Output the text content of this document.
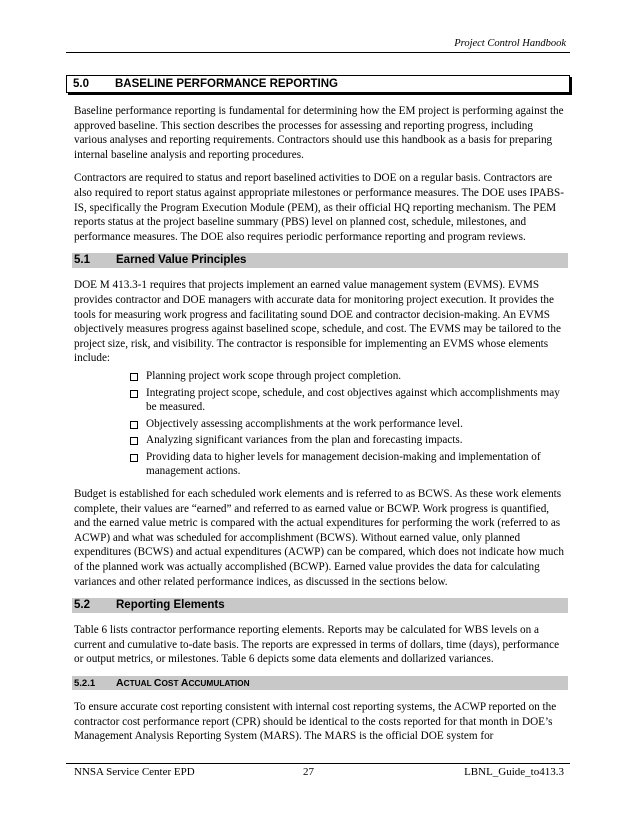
Project Control Handbook
5.0 BASELINE PERFORMANCE REPORTING

Baseline performance reporting is fundamental for determining how the EM project is performing against the approved baseline. This section describes the processes for assessing and reporting progress, including various analyses and reporting requirements. Contractors should use this handbook as a basis for preparing internal baseline analysis and reporting procedures.

Contractors are required to status and report baselined activities to DOE on a regular basis. Contractors are also required to report status against appropriate milestones or performance measures. The DOE uses IPABS-IS, specifically the Program Execution Module (PEM), as their official HQ reporting mechanism. The PEM reports status at the project baseline summary (PBS) level on planned cost, schedule, milestones, and performance measures. The DOE also requires periodic performance reporting and program reviews.

5.1 Earned Value Principles

DOE M 413.3-1 requires that projects implement an earned value management system (EVMS). EVMS provides contractor and DOE managers with accurate data for monitoring project execution. It provides the tools for measuring work progress and facilitating sound DOE and contractor decision-making. An EVMS objectively measures progress against baselined scope, schedule, and cost. The EVMS may be tailored to the project size, risk, and visibility. The contractor is responsible for implementing an EVMS whose elements include:

Planning project work scope through project completion.
Integrating project scope, schedule, and cost objectives against which accomplishments may be measured.
Objectively assessing accomplishments at the work performance level.
Analyzing significant variances from the plan and forecasting impacts.
Providing data to higher levels for management decision-making and implementation of management actions.

Budget is established for each scheduled work elements and is referred to as BCWS. As these work elements complete, their values are “earned” and referred to as earned value or BCWP. Work progress is quantified, and the earned value metric is compared with the actual expenditures for performing the work (referred to as ACWP) and what was scheduled for accomplishment (BCWS). Without earned value, only planned expenditures (BCWS) and actual expenditures (ACWP) can be compared, which does not indicate how much of the planned work was actually accomplished (BCWP). Earned value provides the data for calculating variances and other related performance indices, as discussed in the sections below.

5.2 Reporting Elements

Table 6 lists contractor performance reporting elements. Reports may be calculated for WBS levels on a current and cumulative to-date basis. The reports are expressed in terms of dollars, time (days), performance or output metrics, or milestones. Table 6 depicts some data elements and dollarized variances.

5.2.1 ACTUAL COST ACCUMULATION

To ensure accurate cost reporting consistent with internal cost reporting systems, the ACWP reported on the contractor cost performance report (CPR) should be identical to the costs reported for that month in DOE’s Management Analysis Reporting System (MARS). The MARS is the official DOE system for

NNSA Service Center EPD	27	LBNL_Guide_to413.3
